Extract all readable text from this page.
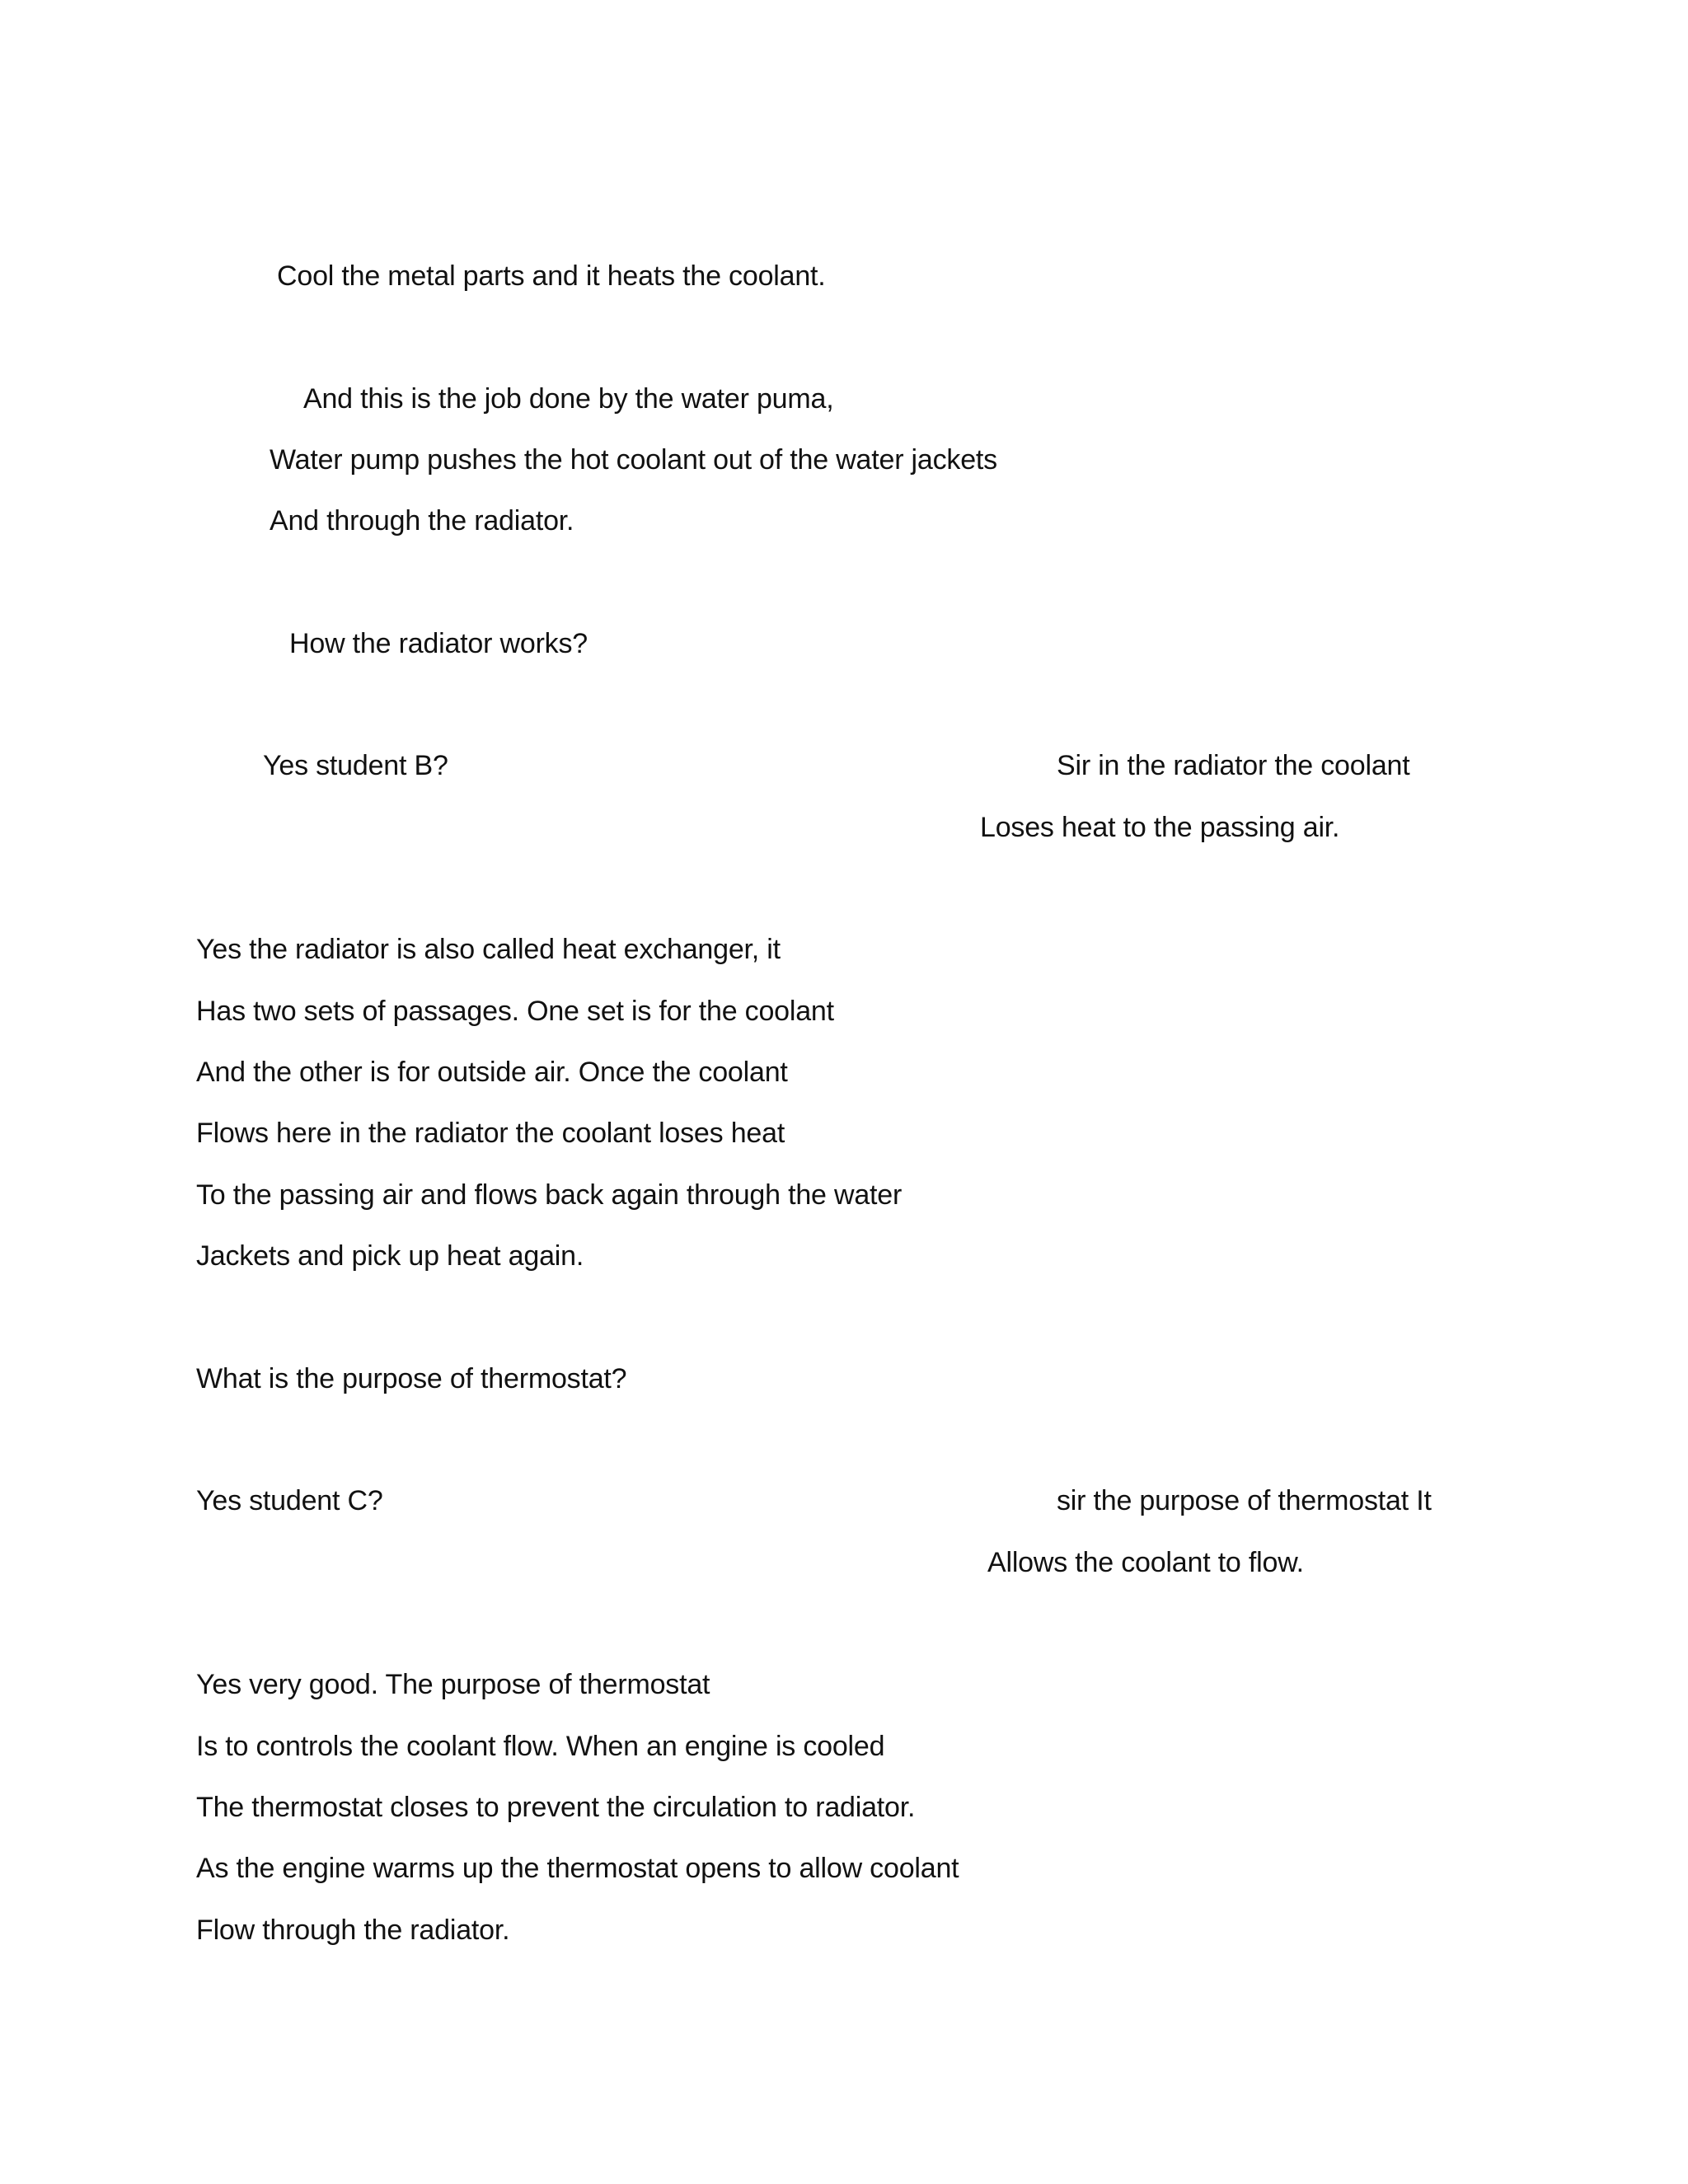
Cool the metal parts and it heats the coolant.
And this is the job done by the water puma,
Water pump pushes the hot coolant out of the water jackets
And through the radiator.
How the radiator works?
Yes student B?	Sir in the radiator the coolant
Loses heat to the passing air.
Yes the radiator is also called heat exchanger, it
Has two sets of passages. One set is for the coolant
And the other is for outside air. Once the coolant
Flows here in the radiator the coolant loses heat
To the passing air and flows back again through the water
Jackets and pick up heat again.
What is the purpose of thermostat?
Yes student C?	sir the purpose of thermostat It
Allows the coolant to flow.
Yes very good. The purpose of thermostat
Is to controls the coolant flow. When an engine is cooled
The thermostat closes to prevent the circulation to radiator.
As the engine warms up the thermostat opens to allow coolant
Flow through the radiator.
